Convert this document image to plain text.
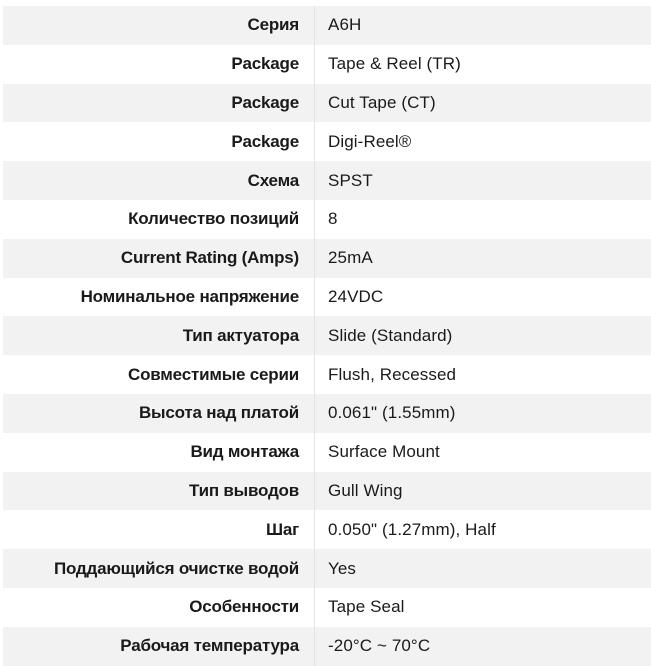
Серия	A6H
Package	Tape & Reel (TR)
Package	Cut Tape (CT)
Package	Digi-Reel®
Схема	SPST
Количество позиций	8
Current Rating (Amps)	25mA
Номинальное напряжение	24VDC
Тип актуатора	Slide (Standard)
Совместимые серии	Flush, Recessed
Высота над платой	0.061" (1.55mm)
Вид монтажа	Surface Mount
Тип выводов	Gull Wing
Шаг	0.050" (1.27mm), Half
Поддающийся очистке водой	Yes
Особенности	Tape Seal
Рабочая температура	-20°C ~ 70°C
